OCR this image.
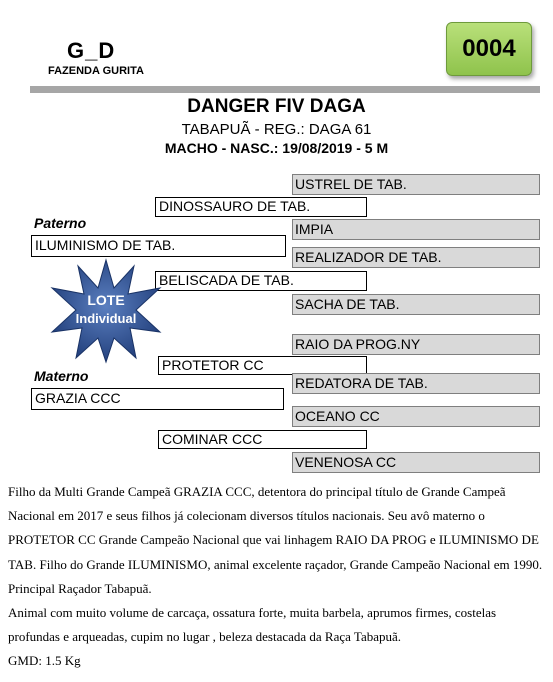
G_D
FAZENDA GURITA
0004
DANGER FIV DAGA
TABAPUÃ - REG.: DAGA 61
MACHO - NASC.: 19/08/2019 - 5 M
USTREL DE TAB.
DINOSSAURO DE TAB.
Paterno	IMPIA
ILUMINISMO DE TAB.
REALIZADOR DE TAB.
BELISCADA DE TAB.
SACHA DE TAB.
LOTE
Individual
RAIO DA PROG.NY
PROTETOR CC
Materno	REDATORA DE TAB.
GRAZIA CCC
OCEANO CC
COMINAR CCC
VENENOSA CC

Filho da Multi Grande Campeã GRAZIA CCC, detentora do principal título de Grande Campeã Nacional em 2017 e seus filhos já colecionam diversos títulos nacionais. Seu avô materno o PROTETOR CC Grande Campeão Nacional que vai linhagem RAIO DA PROG e ILUMINISMO DE TAB. Filho do Grande ILUMINISMO, animal excelente raçador, Grande Campeão Nacional em 1990. Principal Raçador Tabapuã.

Animal com muito volume de carcaça, ossatura forte, muita barbela, aprumos firmes, costelas profundas e arqueadas, cupim no lugar , beleza destacada da Raça Tabapuã.

GMD: 1.5 Kg
